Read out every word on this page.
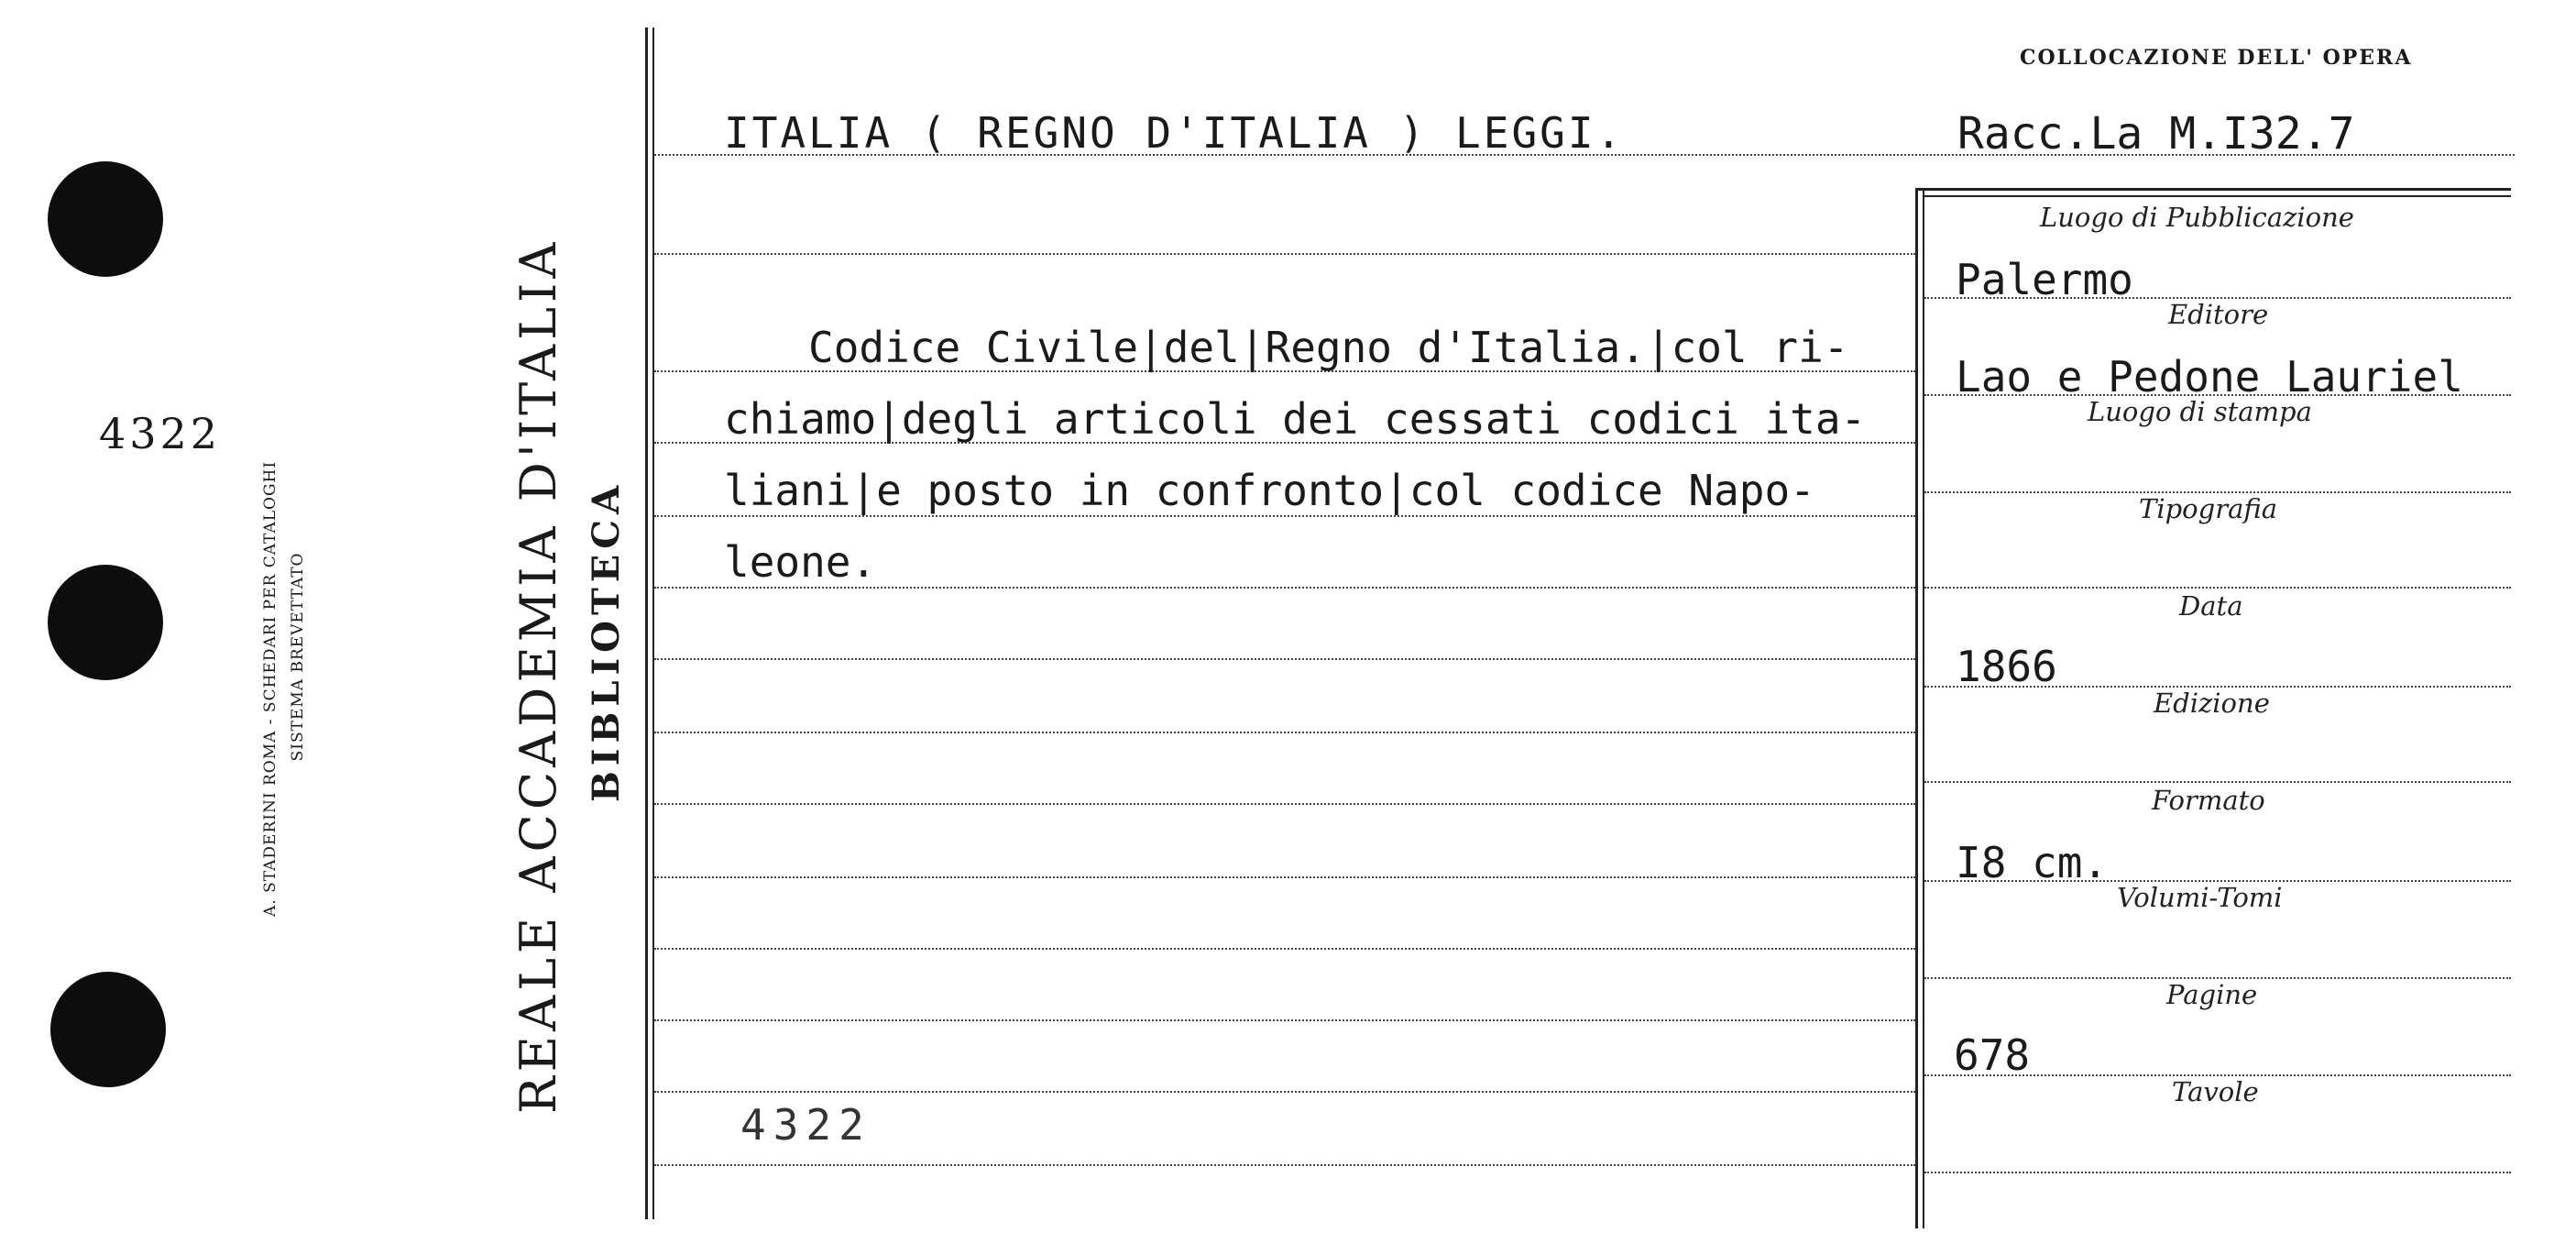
4322
A. STADERINI ROMA - SCHEDARI PER CATALOGHI SISTEMA BREVETTATO	REALE ACCADEMIA D'ITALIA BIBLIOTECA
COLLOCAZIONE DELL' OPERA
ITALIA ( REGNO D'ITALIA ) LEGGI.	Racc.La M.I32.7
Codice Civile|del|Regno d'Italia.|col ri-
chiamo|degli articoli dei cessati codici ita-
liani|e posto in confronto|col codice Napo-
leone.
4322
Luogo di Pubblicazione
Palermo
Editore
Lao e Pedone Lauriel
Luogo di stampa
Tipografia
Data
1866
Edizione
Formato
I8 cm.
Volumi-Tomi
Pagine
678
Tavole
